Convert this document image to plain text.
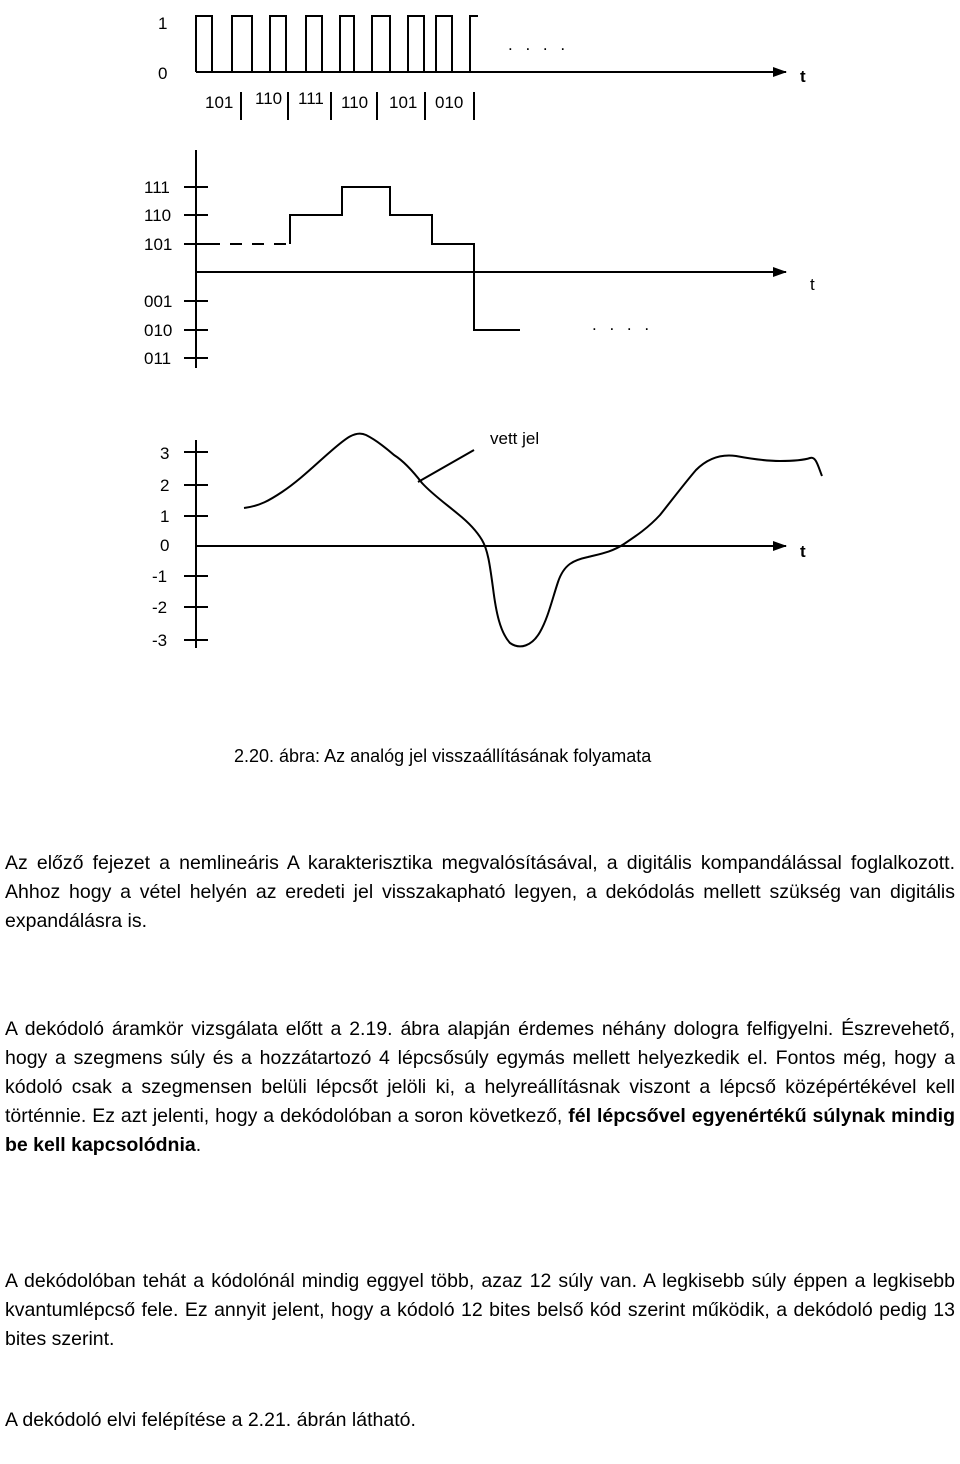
1
0	t
. . . .
101 110 111 110 101 010
111
110
101
001
010
011
t
. . . .
3
2
1
0
-1
-2
-3
t
vett jel
2.20. ábra: Az analóg jel visszaállításának folyamata

Az előző fejezet a nemlineáris A karakterisztika megvalósításával, a digitális kompandálással foglalkozott. Ahhoz hogy a vétel helyén az eredeti jel visszakapható legyen, a dekódolás mellett szükség van digitális expandálásra is.

A dekódoló áramkör vizsgálata előtt a 2.19. ábra alapján érdemes néhány dologra felfigyelni. Észrevehető, hogy a szegmens súly és a hozzátartozó 4 lépcsősúly egymás mellett helyezkedik el. Fontos még, hogy a kódoló csak a szegmensen belüli lépcsőt jelöli ki, a helyreállításnak viszont a lépcső középértékével kell történnie. Ez azt jelenti, hogy a dekódolóban a soron következő, fél lépcsővel egyenértékű súlynak mindig be kell kapcsolódnia.

A dekódolóban tehát a kódolónál mindig eggyel több, azaz 12 súly van. A legkisebb súly éppen a legkisebb kvantumlépcső fele. Ez annyit jelent, hogy a kódoló 12 bites belső kód szerint működik, a dekódoló pedig 13 bites szerint.

A dekódoló elvi felépítése a 2.21. ábrán látható.
